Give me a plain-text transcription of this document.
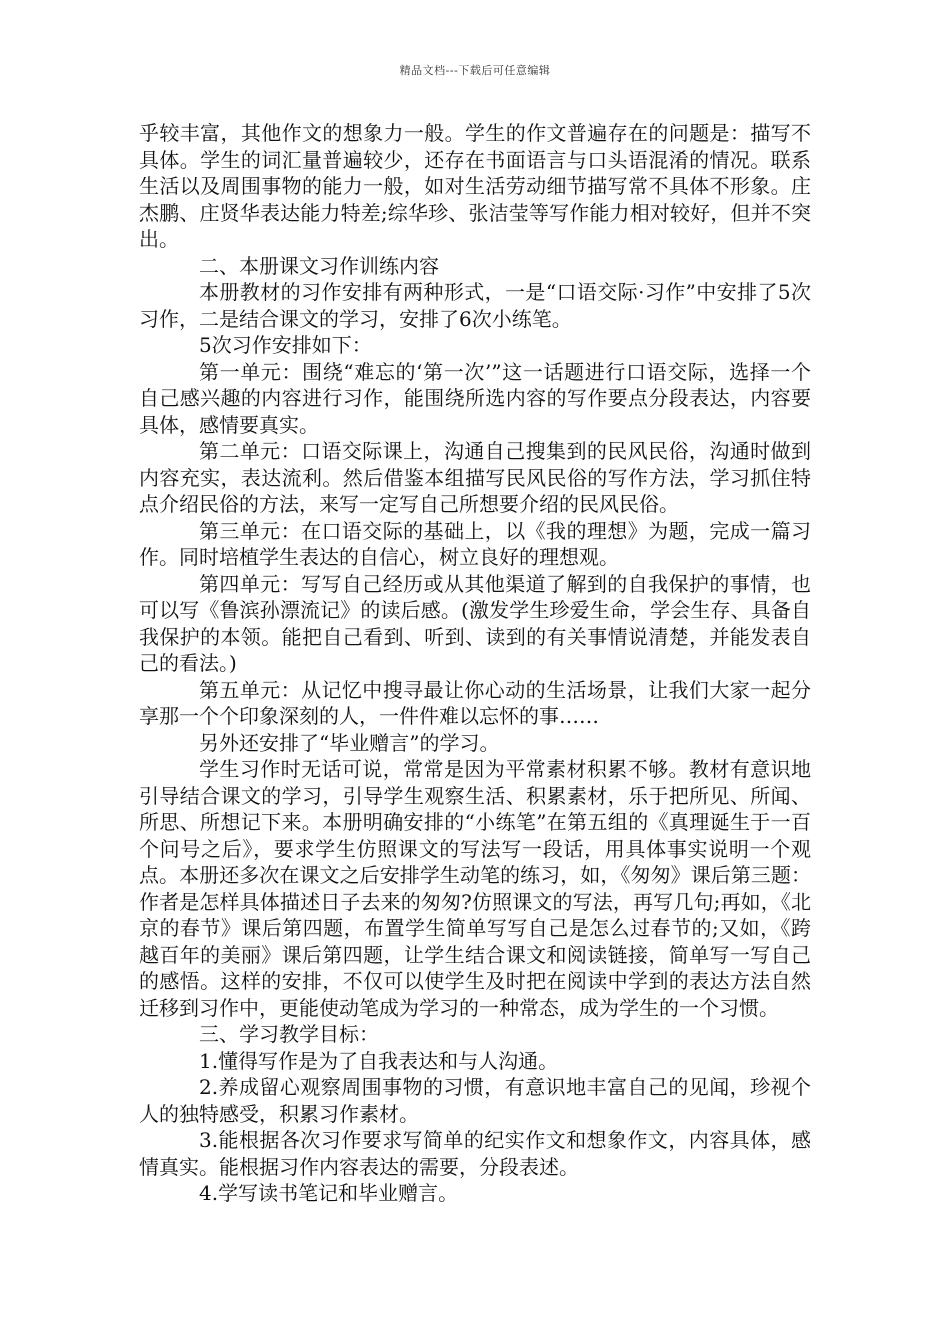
精品文档---下载后可任意编辑

乎较丰富，其他作文的想象力一般。学生的作文普遍存在的问题是：描写不具体。学生的词汇量普遍较少，还存在书面语言与口头语混淆的情况。联系生活以及周围事物的能力一般，如对生活劳动细节描写常不具体不形象。庄杰鹏、庄贤华表达能力特差;综华珍、张洁莹等写作能力相对较好，但并不突出。

二、本册课文习作训练内容

本册教材的习作安排有两种形式，一是“口语交际·习作”中安排了5次习作，二是结合课文的学习，安排了6次小练笔。

5次习作安排如下：

第一单元：围绕“难忘的‘第一次’”这一话题进行口语交际，选择一个自己感兴趣的内容进行习作，能围绕所选内容的写作要点分段表达，内容要具体，感情要真实。

第二单元：口语交际课上，沟通自己搜集到的民风民俗，沟通时做到内容充实，表达流利。然后借鉴本组描写民风民俗的写作方法，学习抓住特点介绍民俗的方法，来写一定写自己所想要介绍的民风民俗。

第三单元：在口语交际的基础上，以《我的理想》为题，完成一篇习作。同时培植学生表达的自信心，树立良好的理想观。

第四单元：写写自己经历或从其他渠道了解到的自我保护的事情，也可以写《鲁滨孙漂流记》的读后感。(激发学生珍爱生命，学会生存、具备自我保护的本领。能把自己看到、听到、读到的有关事情说清楚，并能发表自己的看法。)

第五单元：从记忆中搜寻最让你心动的生活场景，让我们大家一起分享那一个个印象深刻的人，一件件难以忘怀的事……

另外还安排了“毕业赠言”的学习。

学生习作时无话可说，常常是因为平常素材积累不够。教材有意识地引导结合课文的学习，引导学生观察生活、积累素材，乐于把所见、所闻、所思、所想记下来。本册明确安排的“小练笔”在第五组的《真理诞生于一百个问号之后》，要求学生仿照课文的写法写一段话，用具体事实说明一个观点。本册还多次在课文之后安排学生动笔的练习，如，《匆匆》课后第三题：作者是怎样具体描述日子去来的匆匆?仿照课文的写法，再写几句;再如，《北京的春节》课后第四题，布置学生简单写写自己是怎么过春节的;又如，《跨越百年的美丽》课后第四题，让学生结合课文和阅读链接，简单写一写自己的感悟。这样的安排，不仅可以使学生及时把在阅读中学到的表达方法自然迁移到习作中，更能使动笔成为学习的一种常态，成为学生的一个习惯。

三、学习教学目标：

1.懂得写作是为了自我表达和与人沟通。

2.养成留心观察周围事物的习惯，有意识地丰富自己的见闻，珍视个人的独特感受，积累习作素材。

3.能根据各次习作要求写简单的纪实作文和想象作文，内容具体，感情真实。能根据习作内容表达的需要，分段表述。

4.学写读书笔记和毕业赠言。
